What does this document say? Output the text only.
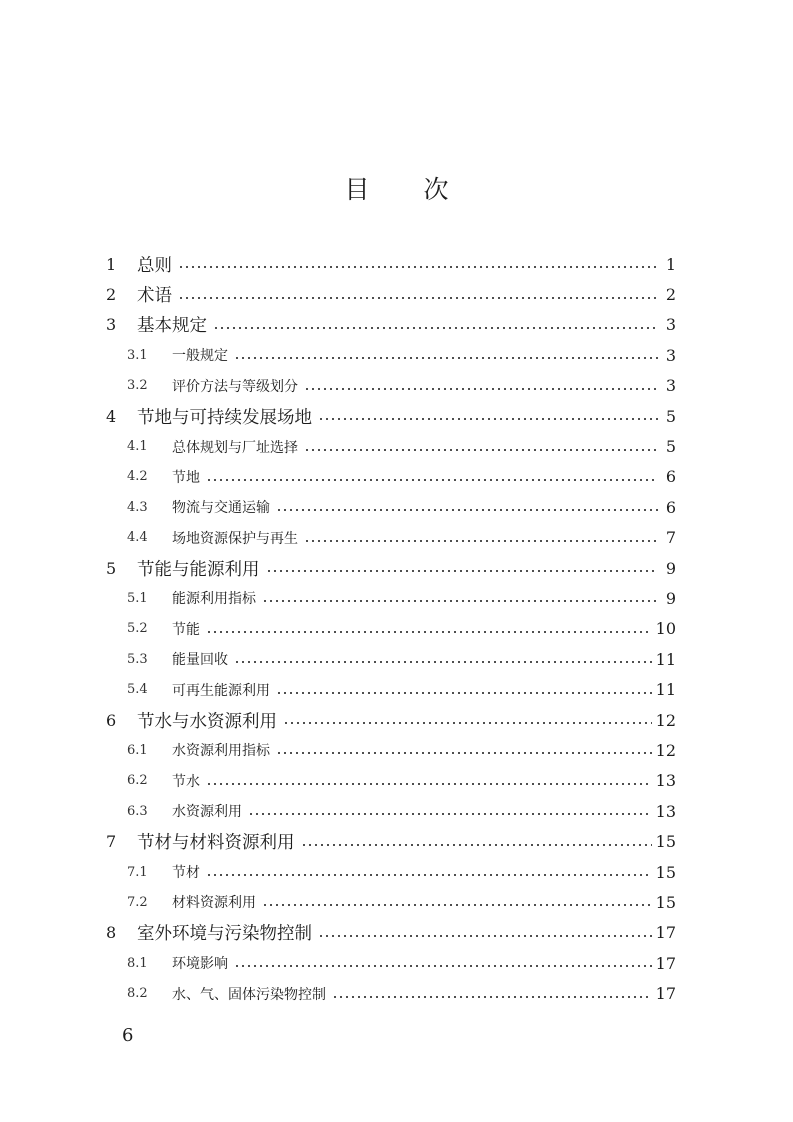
目 次
1	总则	1
2	术语	2
3	基本规定	3
3.1	一般规定	3
3.2	评价方法与等级划分	3
4	节地与可持续发展场地	5
4.1	总体规划与厂址选择	5
4.2	节地	6
4.3	物流与交通运输	6
4.4	场地资源保护与再生	7
5	节能与能源利用	9
5.1	能源利用指标	9
5.2	节能	10
5.3	能量回收	11
5.4	可再生能源利用	11
6	节水与水资源利用	12
6.1	水资源利用指标	12
6.2	节水	13
6.3	水资源利用	13
7	节材与材料资源利用	15
7.1	节材	15
7.2	材料资源利用	15
8	室外环境与污染物控制	17
8.1	环境影响	17
8.2	水、气、固体污染物控制	17
6
